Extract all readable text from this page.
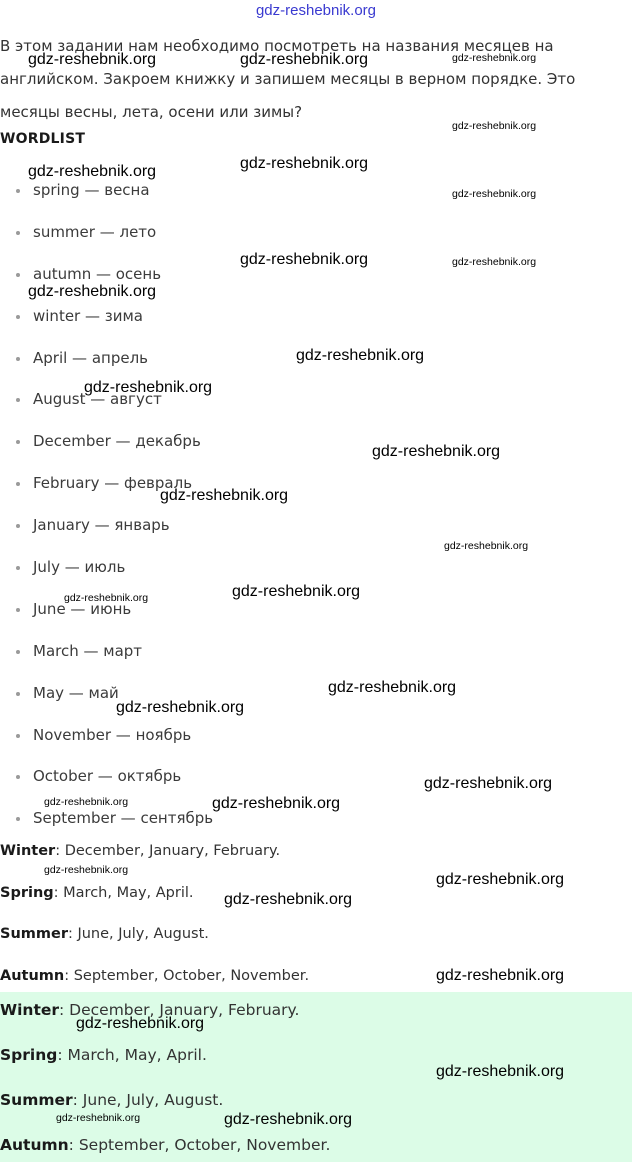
gdz-reshebnik.org
В этом задании нам необходимо посмотреть на названия месяцев на
английском. Закроем книжку и запишем месяцы в верном порядке. Это
месяцы весны, лета, осени или зимы?
WORDLIST
spring — весна
summer — лето
autumn — осень
winter — зима
April — апрель
August — август
December — декабрь
February — февраль
January — январь
July — июль
June — июнь
March — март
May — май
November — ноябрь
October — октябрь
September — сентябрь
Winter: December, January, February.
Spring: March, May, April.
Summer: June, July, August.
Autumn: September, October, November.
Winter: December, January, February.
Spring: March, May, April.
Summer: June, July, August.
Autumn: September, October, November.
gdz-reshebnik.org	gdz-reshebnik.org	gdz-reshebnik.org
gdz-reshebnik.org
gdz-reshebnik.org
gdz-reshebnik.org
gdz-reshebnik.org
gdz-reshebnik.org	gdz-reshebnik.org
gdz-reshebnik.org
gdz-reshebnik.org
gdz-reshebnik.org
gdz-reshebnik.org
gdz-reshebnik.org
gdz-reshebnik.org
gdz-reshebnik.org
gdz-reshebnik.org
gdz-reshebnik.org
gdz-reshebnik.org
gdz-reshebnik.org
gdz-reshebnik.org	gdz-reshebnik.org
gdz-reshebnik.org
gdz-reshebnik.org
gdz-reshebnik.org
gdz-reshebnik.org
gdz-reshebnik.org
gdz-reshebnik.org
gdz-reshebnik.org	gdz-reshebnik.org
